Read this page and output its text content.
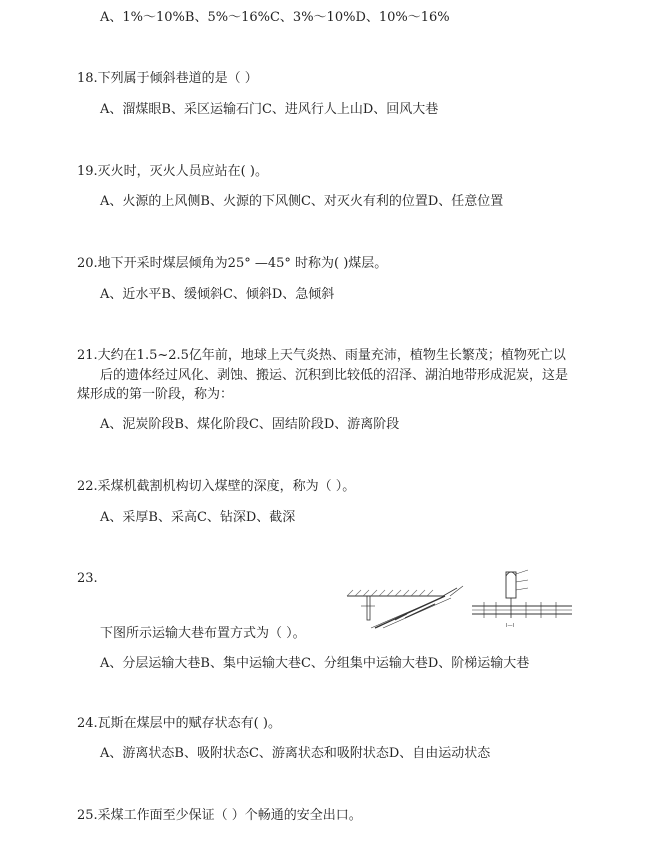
A、1%～10%B、5%～16%C、3%～10%D、10%～16%
18.下列属于倾斜巷道的是（ ）
A、溜煤眼B、采区运输石门C、进风行人上山D、回风大巷
19.灭火时，灭火人员应站在( )。
A、火源的上风侧B、火源的下风侧C、对灭火有利的位置D、任意位置
20.地下开采时煤层倾角为25° —45° 时称为( )煤层。
A、近水平B、缓倾斜C、倾斜D、急倾斜
21.大约在1.5~2.5亿年前，地球上天气炎热、雨量充沛，植物生长繁茂；植物死亡以
后的遗体经过风化、剥蚀、搬运、沉积到比较低的沼泽、湖泊地带形成泥炭，这是
煤形成的第一阶段，称为：
A、泥炭阶段B、煤化阶段C、固结阶段D、游离阶段
22.采煤机截割机构切入煤壁的深度，称为（ ）。
A、采厚B、采高C、钻深D、截深
23.
I—I
下图所示运输大巷布置方式为（ ）。
A、分层运输大巷B、集中运输大巷C、分组集中运输大巷D、阶梯运输大巷
24.瓦斯在煤层中的赋存状态有( )。
A、游离状态B、吸附状态C、游离状态和吸附状态D、自由运动状态
25.采煤工作面至少保证（ ）个畅通的安全出口。
